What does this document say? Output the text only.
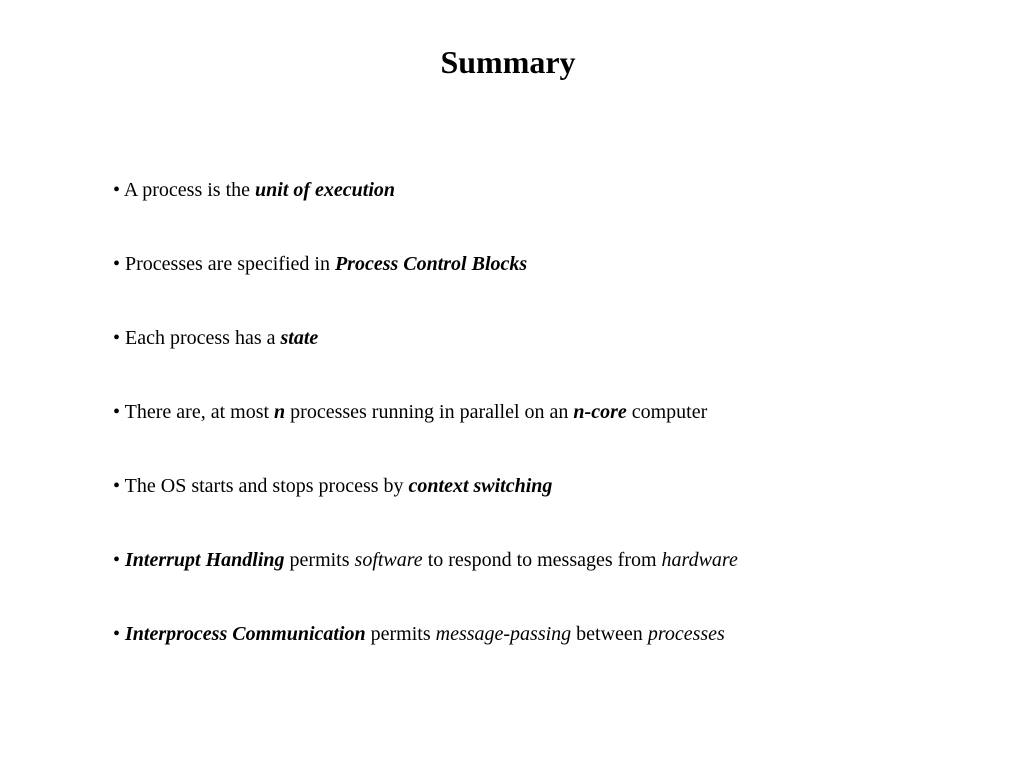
Summary
• A process is the unit of execution
• Processes are specified in Process Control Blocks
• Each process has a state
• There are, at most n processes running in parallel on an n-core computer
• The OS starts and stops process by context switching
• Interrupt Handling permits software to respond to messages from hardware
• Interprocess Communication permits message-passing between processes
